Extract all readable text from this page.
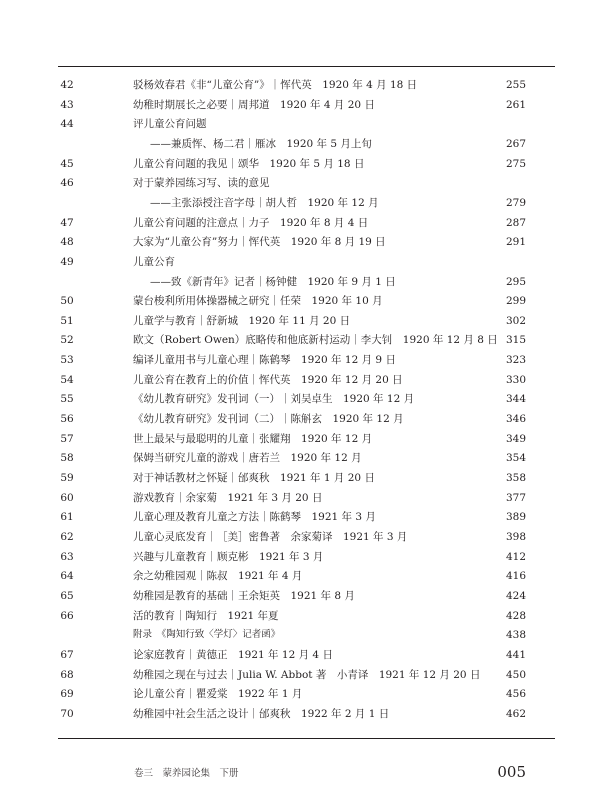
42	驳杨效春君《非“儿童公育”》｜恽代英　1920 年 4 月 18 日	255
43	幼稚时期展长之必要｜周邦道　1920 年 4 月 20 日	261
44	评儿童公育问题
——兼质恽、杨二君｜雁冰　1920 年 5 月上旬	267
45	儿童公育问题的我见｜颂华　1920 年 5 月 18 日	275
46	对于蒙养园练习写、读的意见
——主张添授注音字母｜胡人哲　1920 年 12 月	279
47	儿童公育问题的注意点｜力子　1920 年 8 月 4 日	287
48	大家为“儿童公育”努力｜恽代英　1920 年 8 月 19 日	291
49	儿童公育
——致《新青年》记者｜杨钟健　1920 年 9 月 1 日	295
50	蒙台梭利所用体操器械之研究｜任荣　1920 年 10 月	299
51	儿童学与教育｜舒新城　1920 年 11 月 20 日	302
52	欧文（Robert Owen）底略传和他底新村运动｜李大钊　1920 年 12 月 8 日 315
53	编译儿童用书与儿童心理｜陈鹤琴　1920 年 12 月 9 日	323
54	儿童公育在教育上的价值｜恽代英　1920 年 12 月 20 日	330
55	《幼儿教育研究》发刊词（一）｜刘吴卓生　1920 年 12 月	344
56	《幼儿教育研究》发刊词（二）｜陈斛玄　1920 年 12 月	346
57	世上最呆与最聪明的儿童｜张耀翔　1920 年 12 月	349
58	保姆当研究儿童的游戏｜唐若兰　1920 年 12 月	354
59	对于神话教材之怀疑｜邰爽秋　1921 年 1 月 20 日	358
60	游戏教育｜余家菊　1921 年 3 月 20 日	377
61	儿童心理及教育儿童之方法｜陈鹤琴　1921 年 3 月	389
62	儿童心灵底发育｜［美］密鲁著　余家菊译　1921 年 3 月	398
63	兴趣与儿童教育｜顾克彬　1921 年 3 月	412
64	余之幼稚园观｜陈叔　1921 年 4 月	416
65	幼稚园是教育的基础｜王余矩英　1921 年 8 月	424
66	活的教育｜陶知行　1921 年夏	428
附录　《陶知行致〈学灯〉记者函》	438
67	论家庭教育｜黄德正　1921 年 12 月 4 日	441
68	幼稚园之现在与过去｜Julia W. Abbot 著　小青译　1921 年 12 月 20 日 450
69	论儿童公育｜瞿爱棠　1922 年 1 月	456
70	幼稚园中社会生活之设计｜邰爽秋　1922 年 2 月 1 日	462
卷三　蒙养园论集　下册	005
